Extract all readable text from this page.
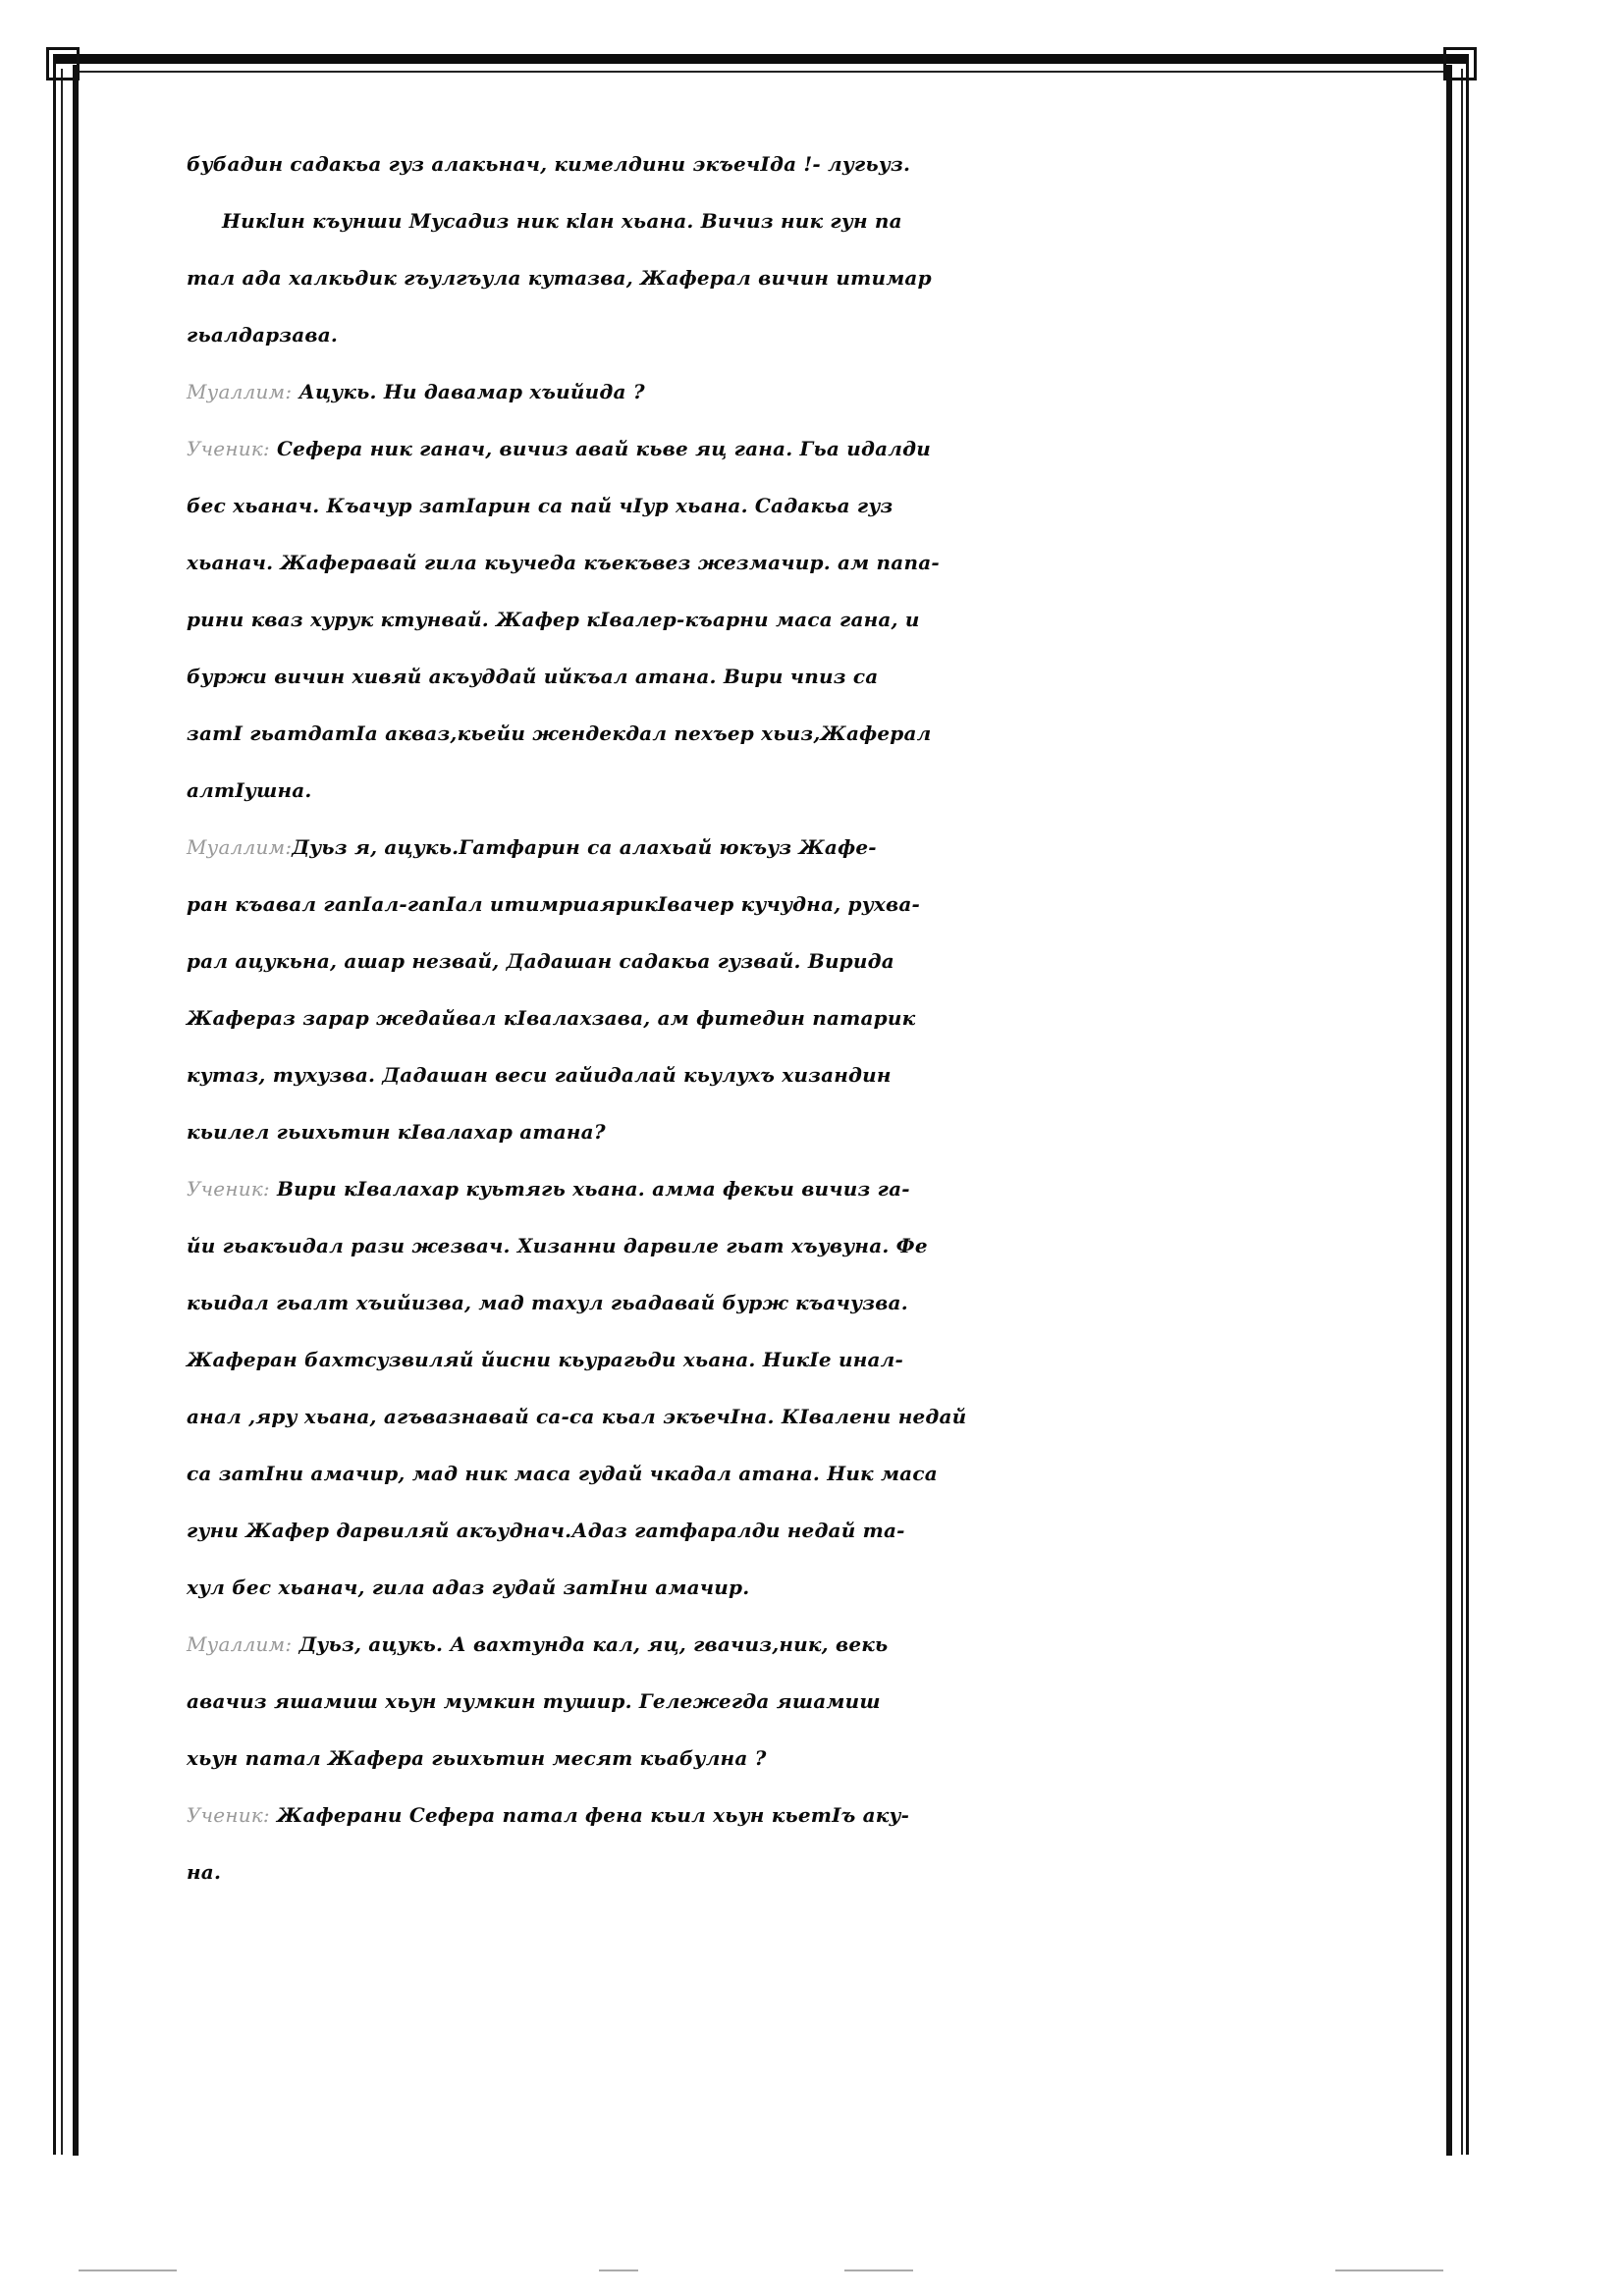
бубадин садакьа гуз алакьнач, кимелдини экъечIда !- лугьуз.
Никlин къунши Мусадиз ник кlан хьана. Вичиз ник гун па
тал ада халкьдик гъулгъула кутазва, Жаферал вичин итимар
гьалдарзава.
Муаллим: Ацукь. Ни давамар хъийида ?
Ученик: Сефера ник ганач, вичиз авай кьве яц гана. Гьа идалди
бес хьанач. Къачур затIарин са пай чIур хьана. Садакьа гуз
хьанач. Жаферавай гила кьучеда къекъвез жезмачир. ам папа-
рини кваз хурук ктунвай. Жафер кIвалер-къарни маса гана, и
буржи вичин хивяй акъуддай ийкъал атана. Вири чпиз са
затI гьатдатIа акваз,кьейи жендекдал пехъер хьиз,Жаферал
алтIушна.
Муаллим:Дуьз я, ацукь.Гатфарин са алахьай юкъуз Жафе-
ран къавал гапIал-гапIал итимриаярикIвачер кучудна, рухва-
рал ацукьна, ашар незвай, Дадашан садакьа гузвай. Вирида
Жафераз зарар жедайвал кIвалахзава, ам фитедин патарик
кутаз, тухузва. Дадашан веси гайидалай кьулухъ хизандин
кьилел гьихьтин кIвалахар атана?
Ученик: Вири кIвалахар куьтягь хьана. амма фекьи вичиз га-
йи гьакъидал рази жезвач. Хизанни дарвиле гьат хъувуна. Фе
кьидал гьалт хъийизва, мад тахул гьадавай бурж къачузва.
Жаферан бахтсузвиляй йисни кьурагьди хьана. НикIе инал-
анал ,яру хьана, агъвазнавай са-са кьал экъечIна. КIвалени недай
са затIни амачир, мад ник маса гудай чкадал атана. Ник маса
гуни Жафер дарвиляй акъуднач.Адаз гатфаралди недай та-
хул бес хьанач, гила адаз гудай затIни амачир.
Муаллим: Дуьз, ацукь. А вахтунда кал, яц, гвачиз,ник, векь
авачиз яшамиш хьун мумкин тушир. Гележегда яшамиш
хьун патал Жафера гьихьтин месят кьабулна ?
Ученик: Жаферани Сефера патал фена кьил хьун кьетIъ аку-
на.
